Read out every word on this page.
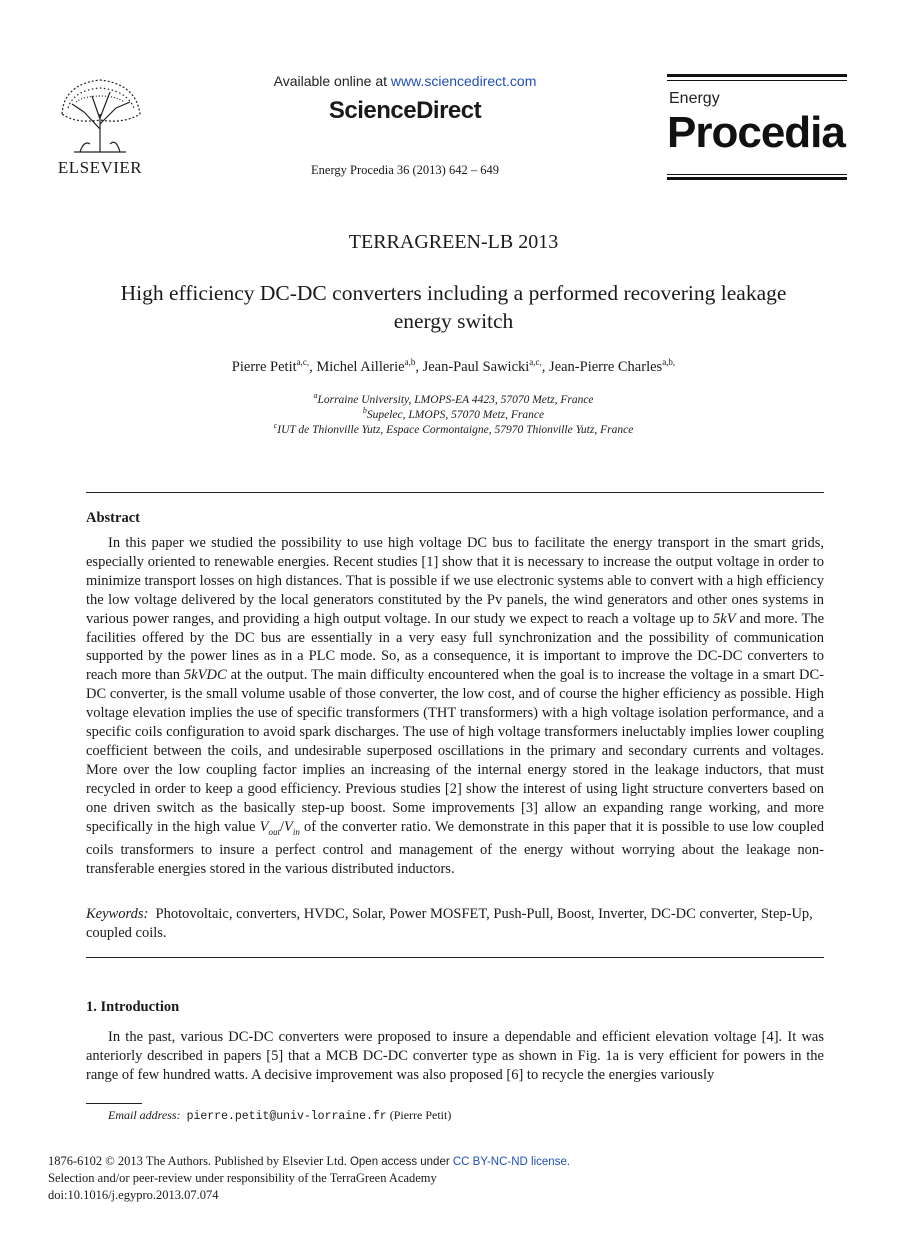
ELSEVIER
Available online at www.sciencedirect.com
ScienceDirect
Energy Procedia 36 (2013) 642 – 649
Energy
Procedia
TERRAGREEN-LB 2013
High efficiency DC-DC converters including a performed recovering leakage
energy switch
Pierre Petit$^{a,c,}$, Michel Aillerie$^{a,b}$, Jean-Paul Sawicki$^{a,c,}$, Jean-Pierre Charles$^{a,b,}$
$^a$Lorraine University, LMOPS-EA 4423, 57070 Metz, France
$^b$Supelec, LMOPS, 57070 Metz, France
$^c$IUT de Thionville Yutz, Espace Cormontaigne, 57970 Thionville Yutz, France
Abstract
In this paper we studied the possibility to use high voltage DC bus to facilitate the energy transport in the smart grids, especially oriented to renewable energies. Recent studies [1] show that it is necessary to increase the output voltage in order to minimize transport losses on high distances. That is possible if we use electronic systems able to convert with a high efficiency the low voltage delivered by the local generators constituted by the Pv panels, the wind generators and other ones systems in various power ranges, and providing a high output voltage. In our study we expect to reach a voltage up to 5kV and more. The facilities offered by the DC bus are essentially in a very easy full synchronization and the possibility of communication supported by the power lines as in a PLC mode. So, as a consequence, it is important to improve the DC-DC converters to reach more than 5kVDC at the output. The main difficulty encountered when the goal is to increase the voltage in a smart DC-DC converter, is the small volume usable of those converter, the low cost, and of course the higher efficiency as possible. High voltage elevation implies the use of specific transformers (THT transformers) with a high voltage isolation performance, and a specific coils configuration to avoid spark discharges. The use of high voltage transformers ineluctably implies lower coupling coefficient between the coils, and undesirable superposed oscillations in the primary and secondary currents and voltages. More over the low coupling factor implies an increasing of the internal energy stored in the leakage inductors, that must recycled in order to keep a good efficiency. Previous studies [2] show the interest of using light structure converters based on one driven switch as the basically step-up boost. Some improvements [3] allow an expanding range working, and more specifically in the high value $V_{out}/V_{in}$ of the converter ratio. We demonstrate in this paper that it is possible to use low coupled coils transformers to insure a perfect control and management of the energy without worrying about the leakage non-transferable energies stored in the various distributed inductors.
Keywords: Photovoltaic, converters, HVDC, Solar, Power MOSFET, Push-Pull, Boost, Inverter, DC-DC converter, Step-Up, coupled coils.
1. Introduction
In the past, various DC-DC converters were proposed to insure a dependable and efficient elevation voltage [4]. It was anteriorly described in papers [5] that a MCB DC-DC converter type as shown in Fig. 1a is very efficient for powers in the range of few hundred watts. A decisive improvement was also proposed [6] to recycle the energies variously
Email address: pierre.petit@univ-lorraine.fr (Pierre Petit)
1876-6102 © 2013 The Authors. Published by Elsevier Ltd. Open access under CC BY-NC-ND license.
Selection and/or peer-review under responsibility of the TerraGreen Academy
doi:10.1016/j.egypro.2013.07.074
